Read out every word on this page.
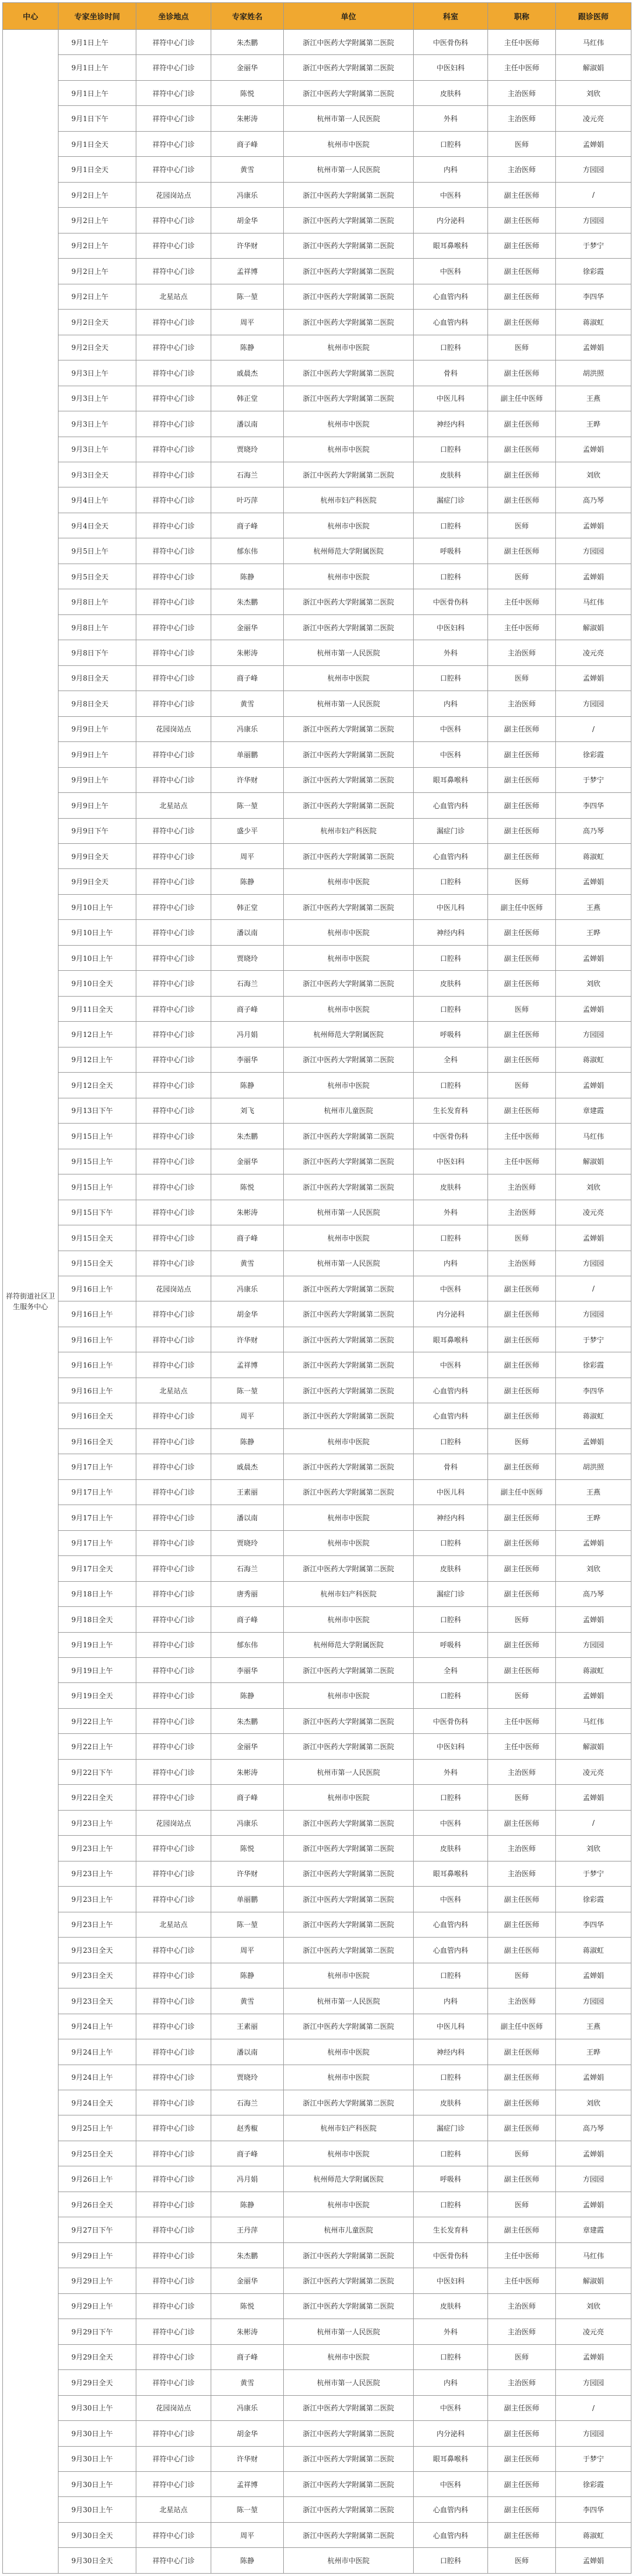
中心	专家坐诊时间	坐诊地点	专家姓名	单位	科室	职称	跟诊医师
祥符街道社区卫生服务中心	9月1日上午	祥符中心门诊	朱杰鹏	浙江中医药大学附属第二医院	中医骨伤科	主任中医师	马红伟
	9月1日上午	祥符中心门诊	金丽华	浙江中医药大学附属第二医院	中医妇科	主任中医师	解淑娟
	9月1日上午	祥符中心门诊	陈悦	浙江中医药大学附属第二医院	皮肤科	主治医师	刘欣
	9月1日下午	祥符中心门诊	朱彬涛	杭州市第一人民医院	外科	主治医师	凌元亮
	9月1日全天	祥符中心门诊	商子峰	杭州市中医院	口腔科	医师	孟婵娟
	9月1日全天	祥符中心门诊	黄雪	杭州市第一人民医院	内科	主治医师	方园园
	9月2日上午	花园岗站点	冯康乐	浙江中医药大学附属第二医院	中医科	副主任医师	/
	9月2日上午	祥符中心门诊	胡金华	浙江中医药大学附属第二医院	内分泌科	副主任医师	方园园
	9月2日上午	祥符中心门诊	许华财	浙江中医药大学附属第二医院	眼耳鼻喉科	副主任医师	于梦宁
	9月2日上午	祥符中心门诊	孟祥博	浙江中医药大学附属第二医院	中医科	副主任医师	徐彩霞
	9月2日上午	北星站点	陈一堃	浙江中医药大学附属第二医院	心血管内科	副主任医师	李四华
	9月2日全天	祥符中心门诊	周平	浙江中医药大学附属第二医院	心血管内科	副主任医师	蒋淑虹
	9月2日全天	祥符中心门诊	陈静	杭州市中医院	口腔科	医师	孟婵娟
	9月3日上午	祥符中心门诊	戚晨杰	浙江中医药大学附属第二医院	骨科	副主任医师	胡洪照
	9月3日上午	祥符中心门诊	韩正堂	浙江中医药大学附属第二医院	中医儿科	副主任中医师	王燕
	9月3日上午	祥符中心门诊	潘以南	杭州市中医院	神经内科	副主任医师	王晔
	9月3日上午	祥符中心门诊	贾晓玲	杭州市中医院	口腔科	副主任医师	孟婵娟
	9月3日全天	祥符中心门诊	石海兰	浙江中医药大学附属第二医院	皮肤科	副主任医师	刘欣
	9月4日上午	祥符中心门诊	叶巧萍	杭州市妇产科医院	漏症门诊	副主任医师	高乃琴
	9月4日全天	祥符中心门诊	商子峰	杭州市中医院	口腔科	医师	孟婵娟
	9月5日上午	祥符中心门诊	郁东伟	杭州师范大学附属医院	呼吸科	副主任医师	方园园
	9月5日全天	祥符中心门诊	陈静	杭州市中医院	口腔科	医师	孟婵娟
	9月8日上午	祥符中心门诊	朱杰鹏	浙江中医药大学附属第二医院	中医骨伤科	主任中医师	马红伟
	9月8日上午	祥符中心门诊	金丽华	浙江中医药大学附属第二医院	中医妇科	主任中医师	解淑娟
	9月8日下午	祥符中心门诊	朱彬涛	杭州市第一人民医院	外科	主治医师	凌元亮
	9月8日全天	祥符中心门诊	商子峰	杭州市中医院	口腔科	医师	孟婵娟
	9月8日全天	祥符中心门诊	黄雪	杭州市第一人民医院	内科	主治医师	方园园
	9月9日上午	花园岗站点	冯康乐	浙江中医药大学附属第二医院	中医科	副主任医师	/
	9月9日上午	祥符中心门诊	单丽鹏	浙江中医药大学附属第二医院	中医科	副主任医师	徐彩霞
	9月9日上午	祥符中心门诊	许华财	浙江中医药大学附属第二医院	眼耳鼻喉科	副主任医师	于梦宁
	9月9日上午	北星站点	陈一堃	浙江中医药大学附属第二医院	心血管内科	副主任医师	李四华
	9月9日下午	祥符中心门诊	盛少平	杭州市妇产科医院	漏症门诊	副主任医师	高乃琴
	9月9日全天	祥符中心门诊	周平	浙江中医药大学附属第二医院	心血管内科	副主任医师	蒋淑虹
	9月9日全天	祥符中心门诊	陈静	杭州市中医院	口腔科	医师	孟婵娟
	9月10日上午	祥符中心门诊	韩正堂	浙江中医药大学附属第二医院	中医儿科	副主任中医师	王燕
	9月10日上午	祥符中心门诊	潘以南	杭州市中医院	神经内科	副主任医师	王晔
	9月10日上午	祥符中心门诊	贾晓玲	杭州市中医院	口腔科	副主任医师	孟婵娟
	9月10日全天	祥符中心门诊	石海兰	浙江中医药大学附属第二医院	皮肤科	副主任医师	刘欣
	9月11日全天	祥符中心门诊	商子峰	杭州市中医院	口腔科	医师	孟婵娟
	9月12日上午	祥符中心门诊	冯月娟	杭州师范大学附属医院	呼吸科	副主任医师	方园园
	9月12日上午	祥符中心门诊	李丽华	浙江中医药大学附属第二医院	全科	副主任医师	蒋淑虹
	9月12日全天	祥符中心门诊	陈静	杭州市中医院	口腔科	医师	孟婵娟
	9月13日下午	祥符中心门诊	刘飞	杭州市儿童医院	生长发育科	副主任医师	章建霞
	9月15日上午	祥符中心门诊	朱杰鹏	浙江中医药大学附属第二医院	中医骨伤科	主任中医师	马红伟
	9月15日上午	祥符中心门诊	金丽华	浙江中医药大学附属第二医院	中医妇科	主任中医师	解淑娟
	9月15日上午	祥符中心门诊	陈悦	浙江中医药大学附属第二医院	皮肤科	主治医师	刘欣
	9月15日下午	祥符中心门诊	朱彬涛	杭州市第一人民医院	外科	主治医师	凌元亮
	9月15日全天	祥符中心门诊	商子峰	杭州市中医院	口腔科	医师	孟婵娟
	9月15日全天	祥符中心门诊	黄雪	杭州市第一人民医院	内科	主治医师	方园园
	9月16日上午	花园岗站点	冯康乐	浙江中医药大学附属第二医院	中医科	副主任医师	/
	9月16日上午	祥符中心门诊	胡金华	浙江中医药大学附属第二医院	内分泌科	副主任医师	方园园
	9月16日上午	祥符中心门诊	许华财	浙江中医药大学附属第二医院	眼耳鼻喉科	副主任医师	于梦宁
	9月16日上午	祥符中心门诊	孟祥博	浙江中医药大学附属第二医院	中医科	副主任医师	徐彩霞
	9月16日上午	北星站点	陈一堃	浙江中医药大学附属第二医院	心血管内科	副主任医师	李四华
	9月16日全天	祥符中心门诊	周平	浙江中医药大学附属第二医院	心血管内科	副主任医师	蒋淑虹
	9月16日全天	祥符中心门诊	陈静	杭州市中医院	口腔科	医师	孟婵娟
	9月17日上午	祥符中心门诊	戚晨杰	浙江中医药大学附属第二医院	骨科	副主任医师	胡洪照
	9月17日上午	祥符中心门诊	王素丽	浙江中医药大学附属第二医院	中医儿科	副主任中医师	王燕
	9月17日上午	祥符中心门诊	潘以南	杭州市中医院	神经内科	副主任医师	王晔
	9月17日上午	祥符中心门诊	贾晓玲	杭州市中医院	口腔科	副主任医师	孟婵娟
	9月17日全天	祥符中心门诊	石海兰	浙江中医药大学附属第二医院	皮肤科	副主任医师	刘欣
	9月18日上午	祥符中心门诊	唐秀丽	杭州市妇产科医院	漏症门诊	副主任医师	高乃琴
	9月18日全天	祥符中心门诊	商子峰	杭州市中医院	口腔科	医师	孟婵娟
	9月19日上午	祥符中心门诊	郁东伟	杭州师范大学附属医院	呼吸科	副主任医师	方园园
	9月19日上午	祥符中心门诊	李丽华	浙江中医药大学附属第二医院	全科	副主任医师	蒋淑虹
	9月19日全天	祥符中心门诊	陈静	杭州市中医院	口腔科	医师	孟婵娟
	9月22日上午	祥符中心门诊	朱杰鹏	浙江中医药大学附属第二医院	中医骨伤科	主任中医师	马红伟
	9月22日上午	祥符中心门诊	金丽华	浙江中医药大学附属第二医院	中医妇科	主任中医师	解淑娟
	9月22日下午	祥符中心门诊	朱彬涛	杭州市第一人民医院	外科	主治医师	凌元亮
	9月22日全天	祥符中心门诊	商子峰	杭州市中医院	口腔科	医师	孟婵娟
	9月23日上午	花园岗站点	冯康乐	浙江中医药大学附属第二医院	中医科	副主任医师	/
	9月23日上午	祥符中心门诊	陈悦	浙江中医药大学附属第二医院	皮肤科	主治医师	刘欣
	9月23日上午	祥符中心门诊	许华财	浙江中医药大学附属第二医院	眼耳鼻喉科	主治医师	于梦宁
	9月23日上午	祥符中心门诊	单丽鹏	浙江中医药大学附属第二医院	中医科	副主任医师	徐彩霞
	9月23日上午	北星站点	陈一堃	浙江中医药大学附属第二医院	心血管内科	副主任医师	李四华
	9月23日全天	祥符中心门诊	周平	浙江中医药大学附属第二医院	心血管内科	副主任医师	蒋淑虹
	9月23日全天	祥符中心门诊	陈静	杭州市中医院	口腔科	医师	孟婵娟
	9月23日全天	祥符中心门诊	黄雪	杭州市第一人民医院	内科	主治医师	方园园
	9月24日上午	祥符中心门诊	王素丽	浙江中医药大学附属第二医院	中医儿科	副主任中医师	王燕
	9月24日上午	祥符中心门诊	潘以南	杭州市中医院	神经内科	副主任医师	王晔
	9月24日上午	祥符中心门诊	贾晓玲	杭州市中医院	口腔科	副主任医师	孟婵娟
	9月24日全天	祥符中心门诊	石海兰	浙江中医药大学附属第二医院	皮肤科	副主任医师	刘欣
	9月25日上午	祥符中心门诊	赵秀椒	杭州市妇产科医院	漏症门诊	副主任医师	高乃琴
	9月25日全天	祥符中心门诊	商子峰	杭州市中医院	口腔科	医师	孟婵娟
	9月26日上午	祥符中心门诊	冯月娟	杭州师范大学附属医院	呼吸科	副主任医师	方园园
	9月26日全天	祥符中心门诊	陈静	杭州市中医院	口腔科	医师	孟婵娟
	9月27日下午	祥符中心门诊	王丹萍	杭州市儿童医院	生长发育科	副主任医师	章建霞
	9月29日上午	祥符中心门诊	朱杰鹏	浙江中医药大学附属第二医院	中医骨伤科	主任中医师	马红伟
	9月29日上午	祥符中心门诊	金丽华	浙江中医药大学附属第二医院	中医妇科	主任中医师	解淑娟
	9月29日上午	祥符中心门诊	陈悦	浙江中医药大学附属第二医院	皮肤科	主治医师	刘欣
	9月29日下午	祥符中心门诊	朱彬涛	杭州市第一人民医院	外科	主治医师	凌元亮
	9月29日全天	祥符中心门诊	商子峰	杭州市中医院	口腔科	医师	孟婵娟
	9月29日全天	祥符中心门诊	黄雪	杭州市第一人民医院	内科	主治医师	方园园
	9月30日上午	花园岗站点	冯康乐	浙江中医药大学附属第二医院	中医科	副主任医师	/
	9月30日上午	祥符中心门诊	胡金华	浙江中医药大学附属第二医院	内分泌科	副主任医师	方园园
	9月30日上午	祥符中心门诊	许华财	浙江中医药大学附属第二医院	眼耳鼻喉科	副主任医师	于梦宁
	9月30日上午	祥符中心门诊	孟祥博	浙江中医药大学附属第二医院	中医科	副主任医师	徐彩霞
	9月30日上午	北星站点	陈一堃	浙江中医药大学附属第二医院	心血管内科	副主任医师	李四华
	9月30日全天	祥符中心门诊	周平	浙江中医药大学附属第二医院	心血管内科	副主任医师	蒋淑虹
	9月30日全天	祥符中心门诊	陈静	杭州市中医院	口腔科	医师	孟婵娟
